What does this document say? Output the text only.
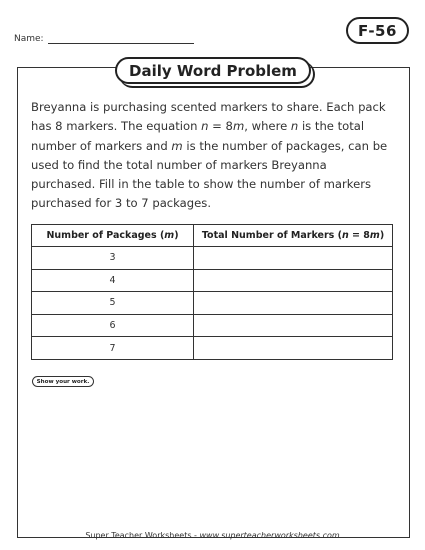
Name:	F-56
Daily Word Problem

Breyanna is purchasing scented markers to share. Each pack has 8 markers. The equation n = 8m, where n is the total number of markers and m is the number of packages, can be used to find the total number of markers Breyanna purchased. Fill in the table to show the number of markers purchased for 3 to 7 packages.

Number of Packages (m)	Total Number of Markers (n = 8m)
3	
4	
5	
6	
7	
Show your work.
Super Teacher Worksheets - www.superteacherworksheets.com
